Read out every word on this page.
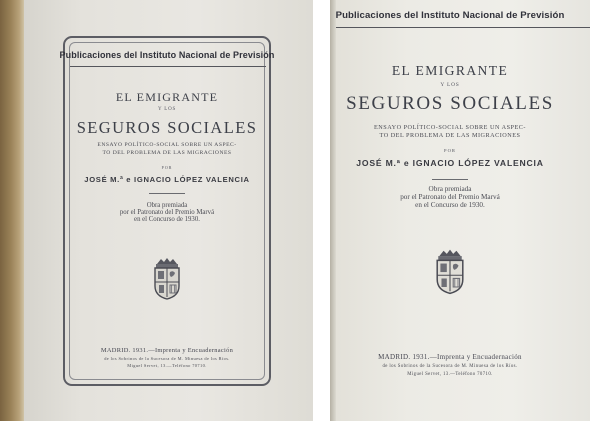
Publicaciones del Instituto Nacional de Previsión
EL EMIGRANTE
Y LOS
SEGUROS SOCIALES
ENSAYO POLÍTICO-SOCIAL SOBRE UN ASPEC-
TO DEL PROBLEMA DE LAS MIGRACIONES
POR
JOSÉ M.ª e IGNACIO LÓPEZ VALENCIA
Obra premiada
por el Patronato del Premio Marvá
en el Concurso de 1930.
MADRID. 1931.—Imprenta y Encuadernación
de los Sobrinos de la Sucesora de M. Minuesa de los Ríos.
Miguel Servet, 13.—Teléfono 70710.
Publicaciones del Instituto Nacional de Previsión
EL EMIGRANTE
Y LOS
SEGUROS SOCIALES
ENSAYO POLÍTICO-SOCIAL SOBRE UN ASPEC-
TO DEL PROBLEMA DE LAS MIGRACIONES
POR
JOSÉ M.ª e IGNACIO LÓPEZ VALENCIA
Obra premiada
por el Patronato del Premio Marvá
en el Concurso de 1930.
MADRID. 1931.—Imprenta y Encuadernación
de los Sobrinos de la Sucesora de M. Minuesa de los Ríos.
Miguel Servet, 13.—Teléfono 70710.
